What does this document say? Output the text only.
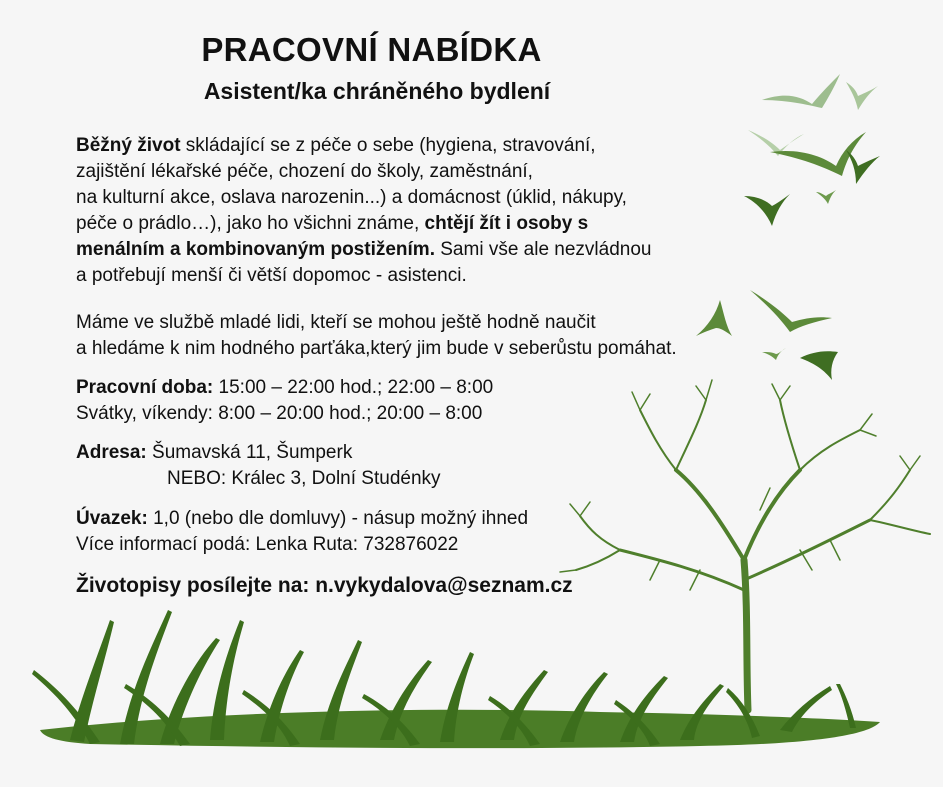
PRACOVNÍ NABÍDKA
Asistent/ka chráněného bydlení

Běžný život skládající se z péče o sebe (hygiena, stravování,
zajištění lékařské péče, chození do školy, zaměstnání,
na kulturní akce, oslava narozenin...) a domácnost (úklid, nákupy,
péče o prádlo…), jako ho všichni známe, chtějí žít i osoby s
menálním a kombinovaným postižením. Sami vše ale nezvládnou
a potřebují menší či větší dopomoc - asistenci.

Máme ve službě mladé lidi, kteří se mohou ještě hodně naučit
a hledáme k nim hodného parťáka,který jim bude v seberůstu pomáhat.

Pracovní doba: 15:00 – 22:00 hod.; 22:00 – 8:00
Svátky, víkendy: 8:00 – 20:00 hod.; 20:00 – 8:00

Adresa: Šumavská 11, Šumperk
NEBO: Králec 3, Dolní Studénky

Úvazek: 1,0 (nebo dle domluvy) - násup možný ihned
Více informací podá: Lenka Ruta: 732876022

Životopisy posílejte na: n.vykydalova@seznam.cz
